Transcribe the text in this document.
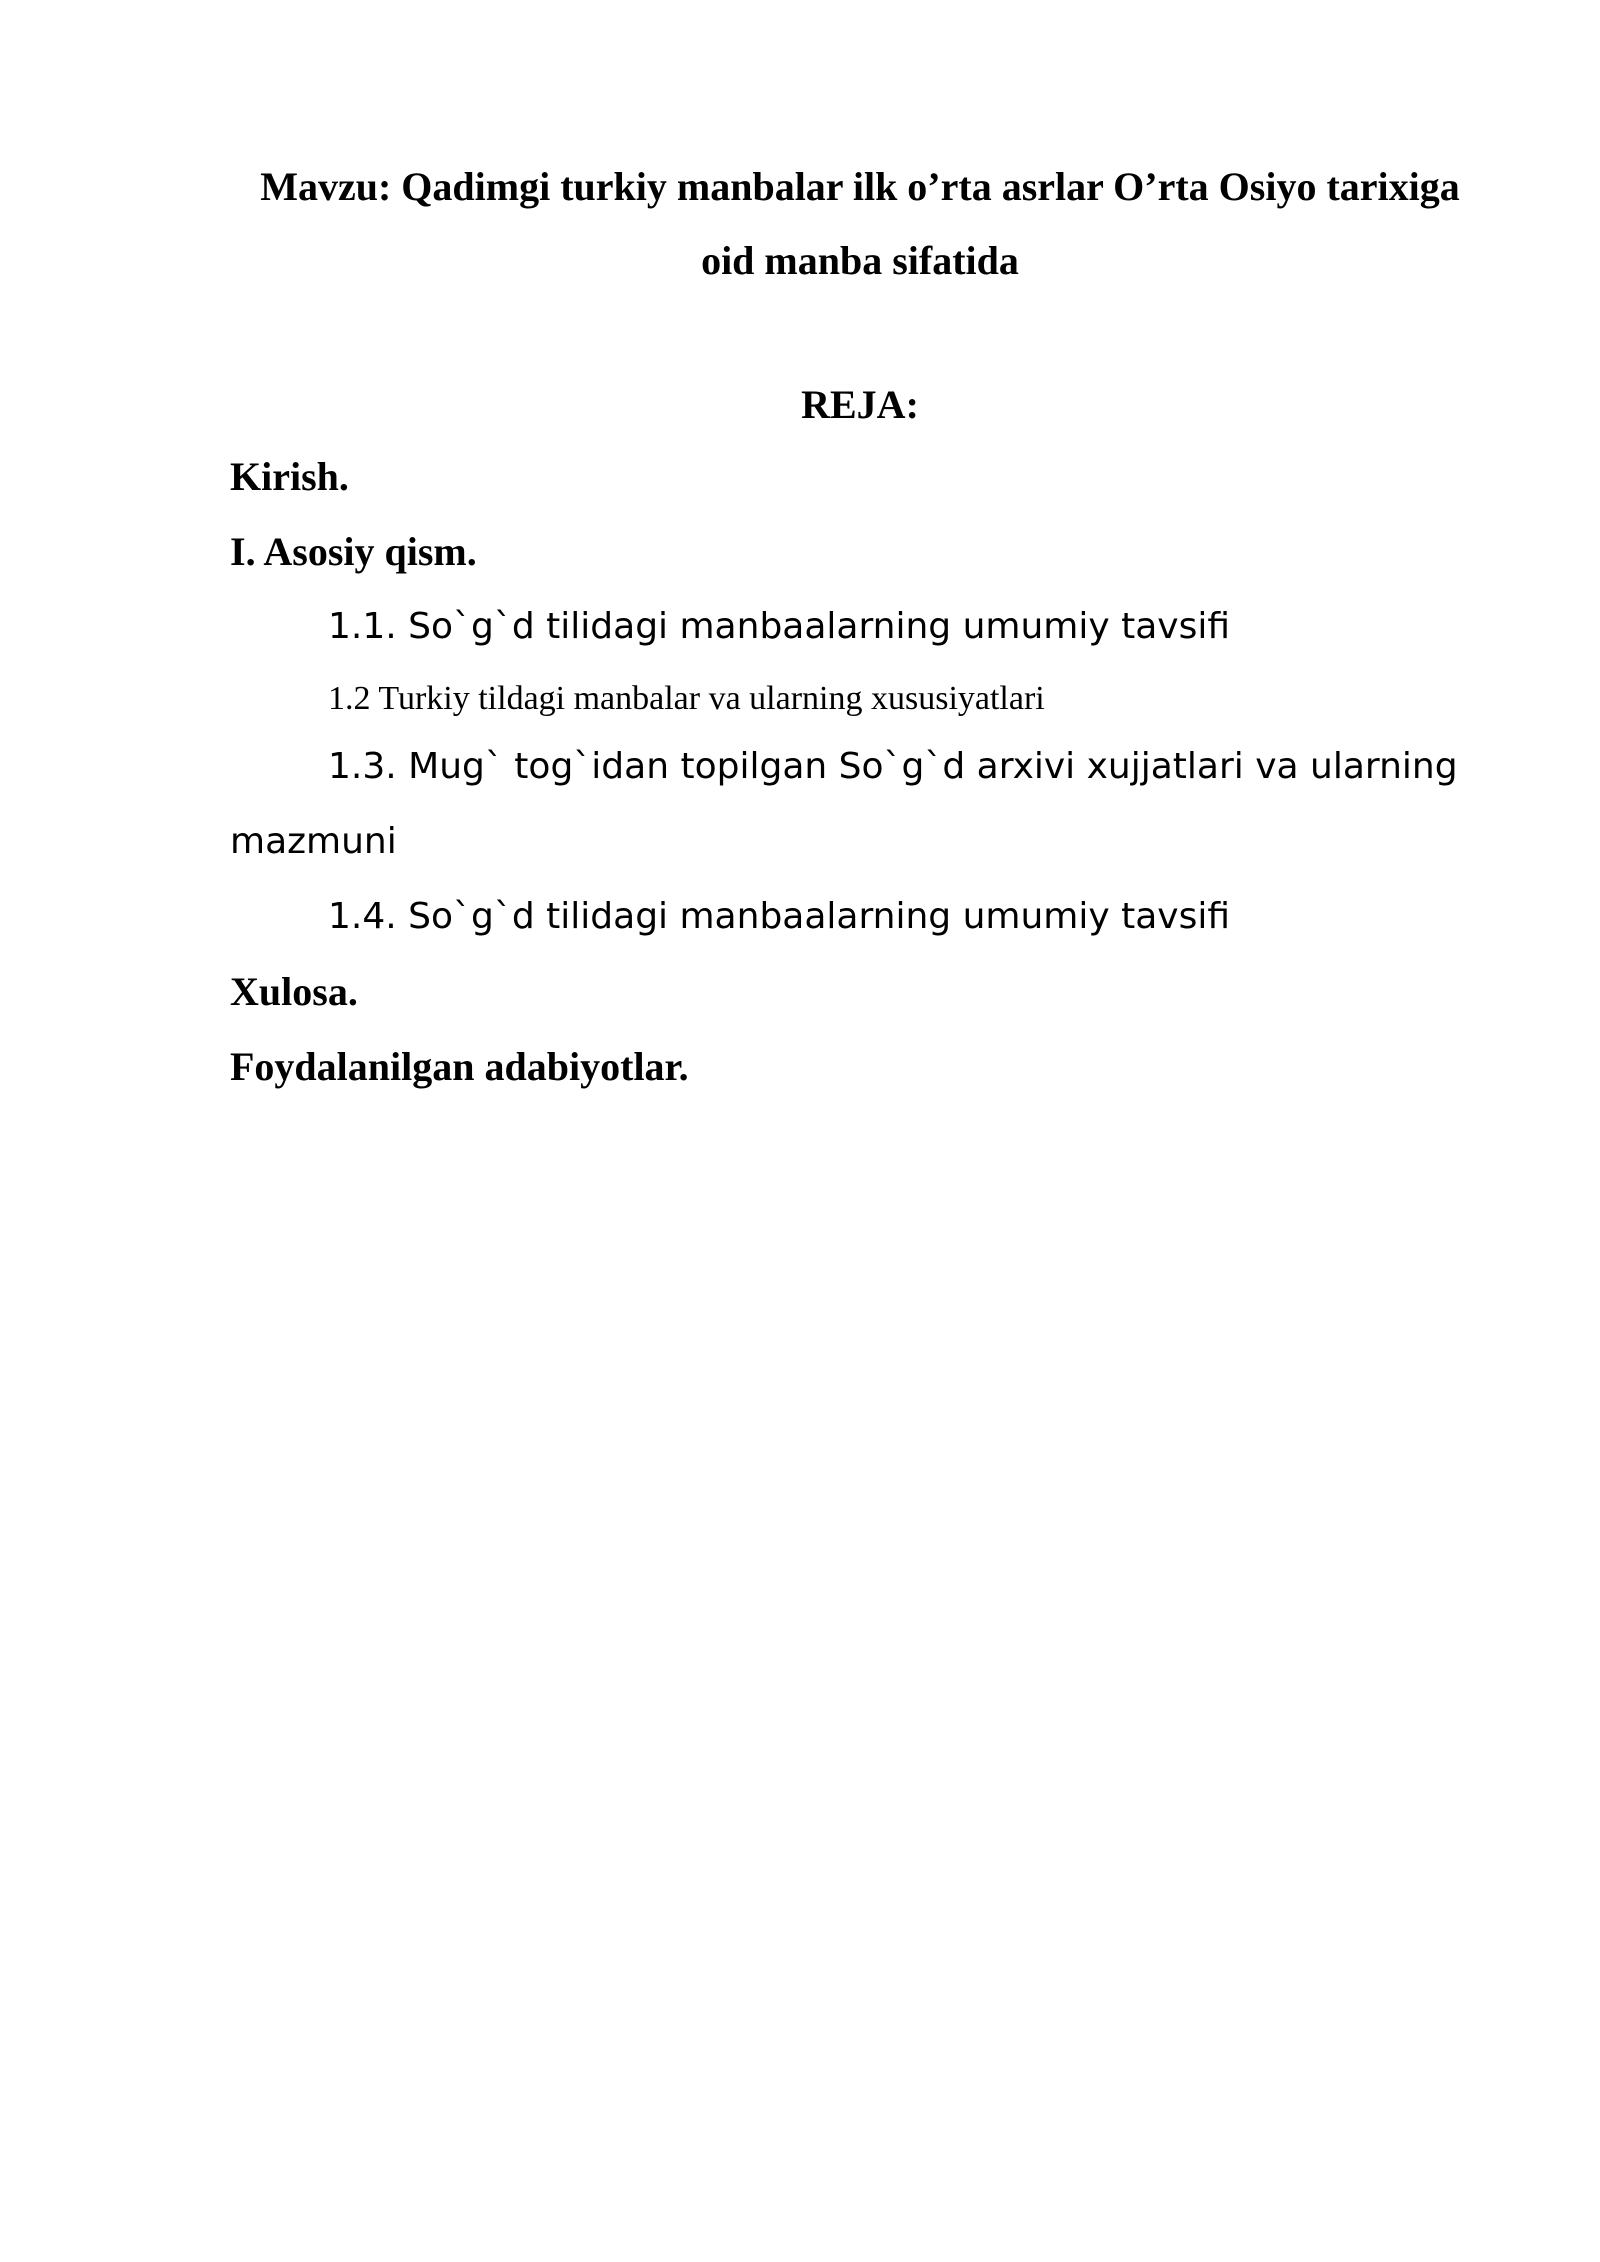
Mavzu: Qadimgi turkiy manbalar ilk o’rta asrlar O’rta Osiyo tarixiga oid manba sifatida
REJA:
Kirish.
I. Asosiy qism.
1.1. So`g`d tilidagi manbaalarning umumiy tavsifi
1.2 Turkiy tildagi manbalar va ularning xususiyatlari
1.3. Mug` tog`idan topilgan So`g`d arxivi xujjatlari va ularning
mazmuni
1.4. So`g`d tilidagi manbaalarning umumiy tavsifi
Xulosa.
Foydalanilgan adabiyotlar.
